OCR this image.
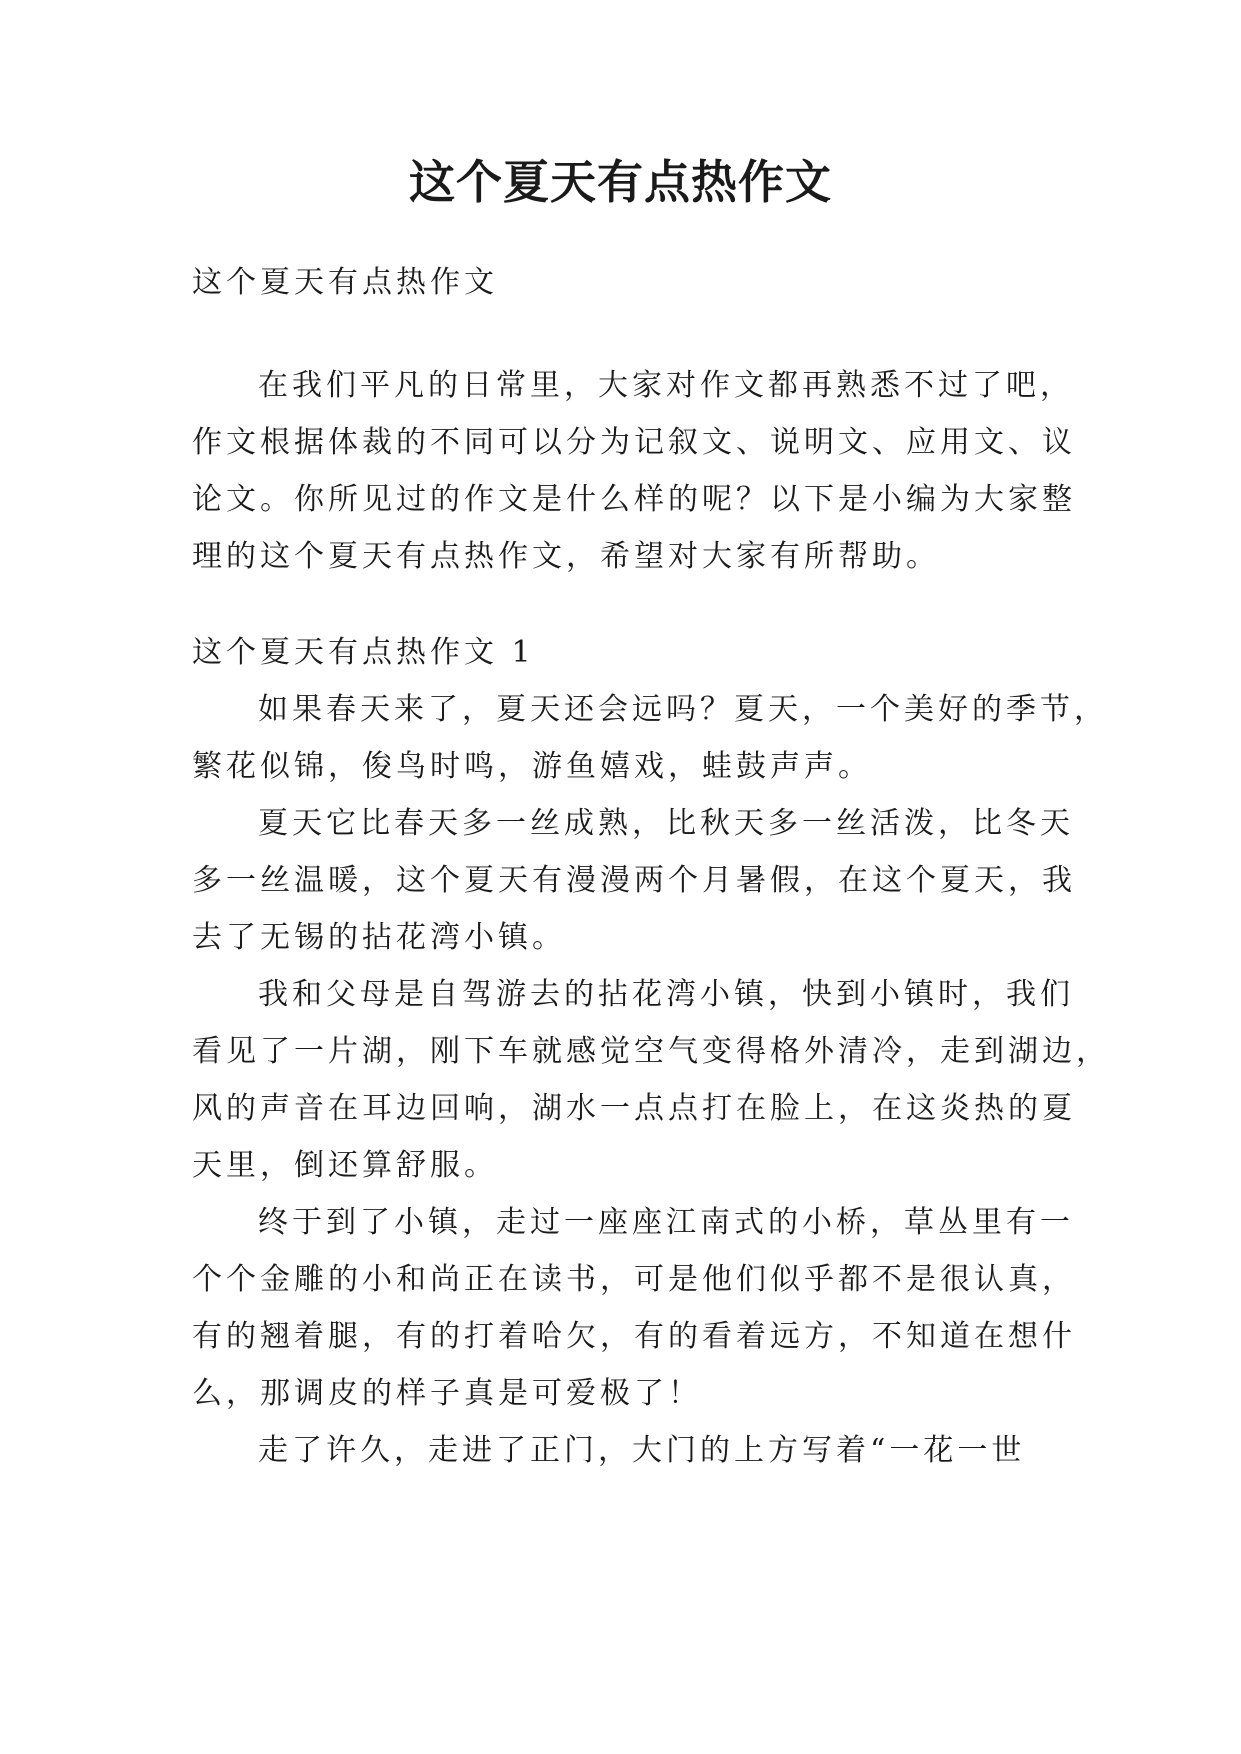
这个夏天有点热作文

这个夏天有点热作文

在我们平凡的日常里，大家对作文都再熟悉不过了吧，

作文根据体裁的不同可以分为记叙文、说明文、应用文、议

论文。你所见过的作文是什么样的呢？以下是小编为大家整

理的这个夏天有点热作文，希望对大家有所帮助。

这个夏天有点热作文 1

如果春天来了，夏天还会远吗？夏天，一个美好的季节，

繁花似锦，俊鸟时鸣，游鱼嬉戏，蛙鼓声声。

夏天它比春天多一丝成熟，比秋天多一丝活泼，比冬天

多一丝温暖，这个夏天有漫漫两个月暑假，在这个夏天，我

去了无锡的拈花湾小镇。

我和父母是自驾游去的拈花湾小镇，快到小镇时，我们

看见了一片湖，刚下车就感觉空气变得格外清冷，走到湖边，

风的声音在耳边回响，湖水一点点打在脸上，在这炎热的夏

天里，倒还算舒服。

终于到了小镇，走过一座座江南式的小桥，草丛里有一

个个金雕的小和尚正在读书，可是他们似乎都不是很认真，

有的翘着腿，有的打着哈欠，有的看着远方，不知道在想什

么，那调皮的样子真是可爱极了！

走了许久，走进了正门，大门的上方写着“一花一世
